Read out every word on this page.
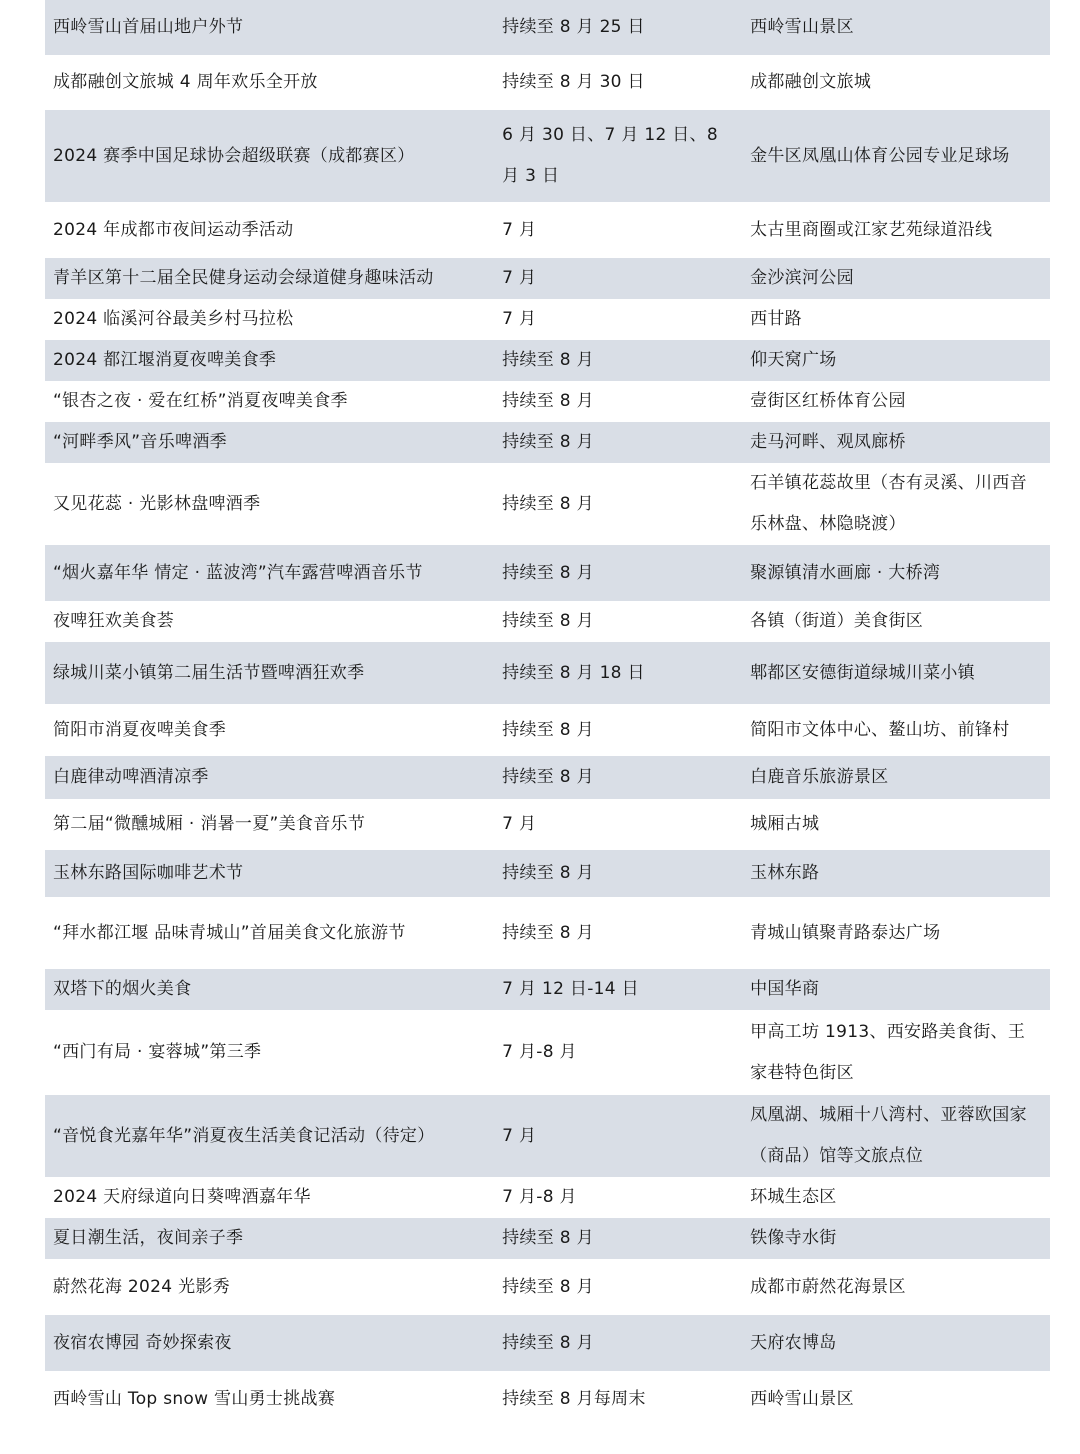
西岭雪山首届山地户外节	持续至 8 月 25 日	西岭雪山景区
成都融创文旅城 4 周年欢乐全开放	持续至 8 月 30 日	成都融创文旅城
2024 赛季中国足球协会超级联赛（成都赛区）	6 月 30 日、7 月 12 日、8 月 3 日	金牛区凤凰山体育公园专业足球场
2024 年成都市夜间运动季活动	7 月	太古里商圈或江家艺苑绿道沿线
青羊区第十二届全民健身运动会绿道健身趣味活动	7 月	金沙滨河公园
2024 临溪河谷最美乡村马拉松	7 月	西甘路
2024 都江堰消夏夜啤美食季	持续至 8 月	仰天窝广场
“银杏之夜 · 爱在红桥”消夏夜啤美食季	持续至 8 月	壹街区红桥体育公园
“河畔季风”音乐啤酒季	持续至 8 月	走马河畔、观凤廊桥
又见花蕊 · 光影林盘啤酒季	持续至 8 月	石羊镇花蕊故里（杏有灵溪、川西音乐林盘、林隐晓渡）
“烟火嘉年华 情定 · 蓝波湾”汽车露营啤酒音乐节	持续至 8 月	聚源镇清水画廊 · 大桥湾
夜啤狂欢美食荟	持续至 8 月	各镇（街道）美食街区
绿城川菜小镇第二届生活节暨啤酒狂欢季	持续至 8 月 18 日	郫都区安德街道绿城川菜小镇
简阳市消夏夜啤美食季	持续至 8 月	简阳市文体中心、鳌山坊、前锋村
白鹿律动啤酒清凉季	持续至 8 月	白鹿音乐旅游景区
第二届“微醺城厢 · 消暑一夏”美食音乐节	7 月	城厢古城
玉林东路国际咖啡艺术节	持续至 8 月	玉林东路
“拜水都江堰 品味青城山”首届美食文化旅游节	持续至 8 月	青城山镇聚青路泰达广场
双塔下的烟火美食	7 月 12 日-14 日	中国华商
“西门有局 · 宴蓉城”第三季	7 月-8 月	甲高工坊 1913、西安路美食街、王家巷特色街区
“音悦食光嘉年华”消夏夜生活美食记活动（待定）	7 月	凤凰湖、城厢十八湾村、亚蓉欧国家（商品）馆等文旅点位
2024 天府绿道向日葵啤酒嘉年华	7 月-8 月	环城生态区
夏日潮生活，夜间亲子季	持续至 8 月	铁像寺水街
蔚然花海 2024 光影秀	持续至 8 月	成都市蔚然花海景区
夜宿农博园 奇妙探索夜	持续至 8 月	天府农博岛
西岭雪山 Top snow 雪山勇士挑战赛	持续至 8 月每周末	西岭雪山景区
